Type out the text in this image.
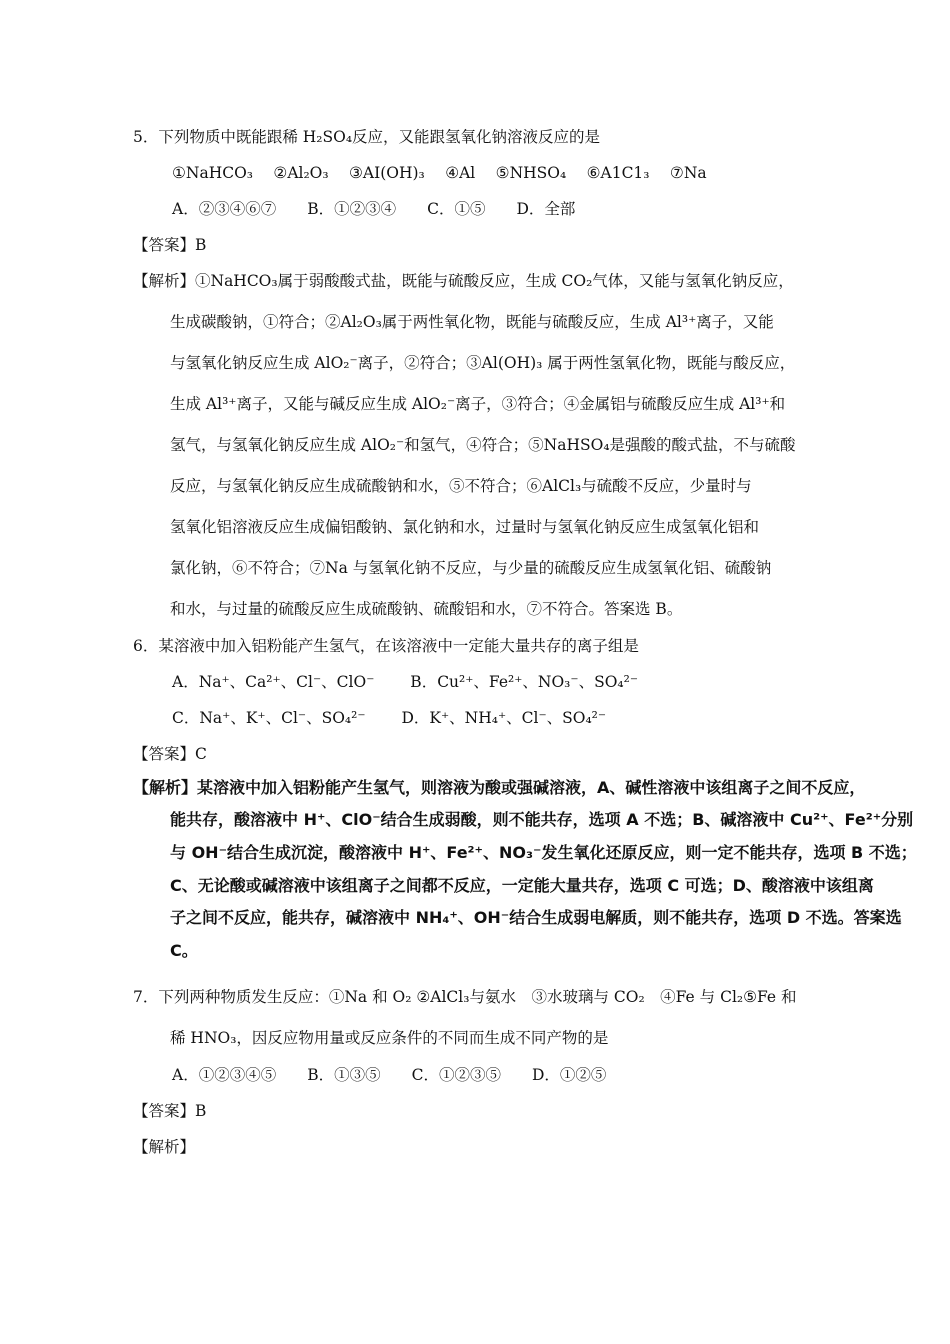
5．下列物质中既能跟稀 H₂SO₄反应，又能跟氢氧化钠溶液反应的是
①NaHCO₃　 ②Al₂O₃　 ③AI(OH)₃　 ④Al　 ⑤NHSO₄　 ⑥A1C1₃　 ⑦Na
A．②③④⑥⑦　　B．①②③④　　C．①⑤　　D．全部
【答案】B
【解析】①NaHCO₃属于弱酸酸式盐，既能与硫酸反应，生成 CO₂气体，又能与氢氧化钠反应，
生成碳酸钠，①符合；②Al₂O₃属于两性氧化物，既能与硫酸反应，生成 Al³⁺离子，又能
与氢氧化钠反应生成 AlO₂⁻离子，②符合；③Al(OH)₃ 属于两性氢氧化物，既能与酸反应，
生成 Al³⁺离子，又能与碱反应生成 AlO₂⁻离子，③符合；④金属铝与硫酸反应生成 Al³⁺和
氢气，与氢氧化钠反应生成 AlO₂⁻和氢气，④符合；⑤NaHSO₄是强酸的酸式盐，不与硫酸
反应，与氢氧化钠反应生成硫酸钠和水，⑤不符合；⑥AlCl₃与硫酸不反应，少量时与
氢氧化铝溶液反应生成偏铝酸钠、氯化钠和水，过量时与氢氧化钠反应生成氢氧化铝和
氯化钠，⑥不符合；⑦Na 与氢氧化钠不反应，与少量的硫酸反应生成氢氧化铝、硫酸钠
和水，与过量的硫酸反应生成硫酸钠、硫酸铝和水，⑦不符合。答案选 B。
6．某溶液中加入铝粉能产生氢气，在该溶液中一定能大量共存的离子组是
A．Na⁺、Ca²⁺、Cl⁻、ClO⁻　　 B．Cu²⁺、Fe²⁺、NO₃⁻、SO₄²⁻
C．Na⁺、K⁺、Cl⁻、SO₄²⁻　　 D．K⁺、NH₄⁺、Cl⁻、SO₄²⁻
【答案】C
【解析】某溶液中加入铝粉能产生氢气，则溶液为酸或强碱溶液，A、碱性溶液中该组离子之间不反应，
能共存，酸溶液中 H⁺、ClO⁻结合生成弱酸，则不能共存，选项 A 不选；B、碱溶液中 Cu²⁺、Fe²⁺分别
与 OH⁻结合生成沉淀，酸溶液中 H⁺、Fe²⁺、NO₃⁻发生氧化还原反应，则一定不能共存，选项 B 不选；
C、无论酸或碱溶液中该组离子之间都不反应，一定能大量共存，选项 C 可选；D、酸溶液中该组离
子之间不反应，能共存，碱溶液中 NH₄⁺、OH⁻结合生成弱电解质，则不能共存，选项 D 不选。答案选
C。
7．下列两种物质发生反应：①Na 和 O₂ ②AlCl₃与氨水　③水玻璃与 CO₂　④Fe 与 Cl₂⑤Fe 和
稀 HNO₃，因反应物用量或反应条件的不同而生成不同产物的是
A．①②③④⑤　　B．①③⑤　　C．①②③⑤　　D．①②⑤
【答案】B
【解析】
